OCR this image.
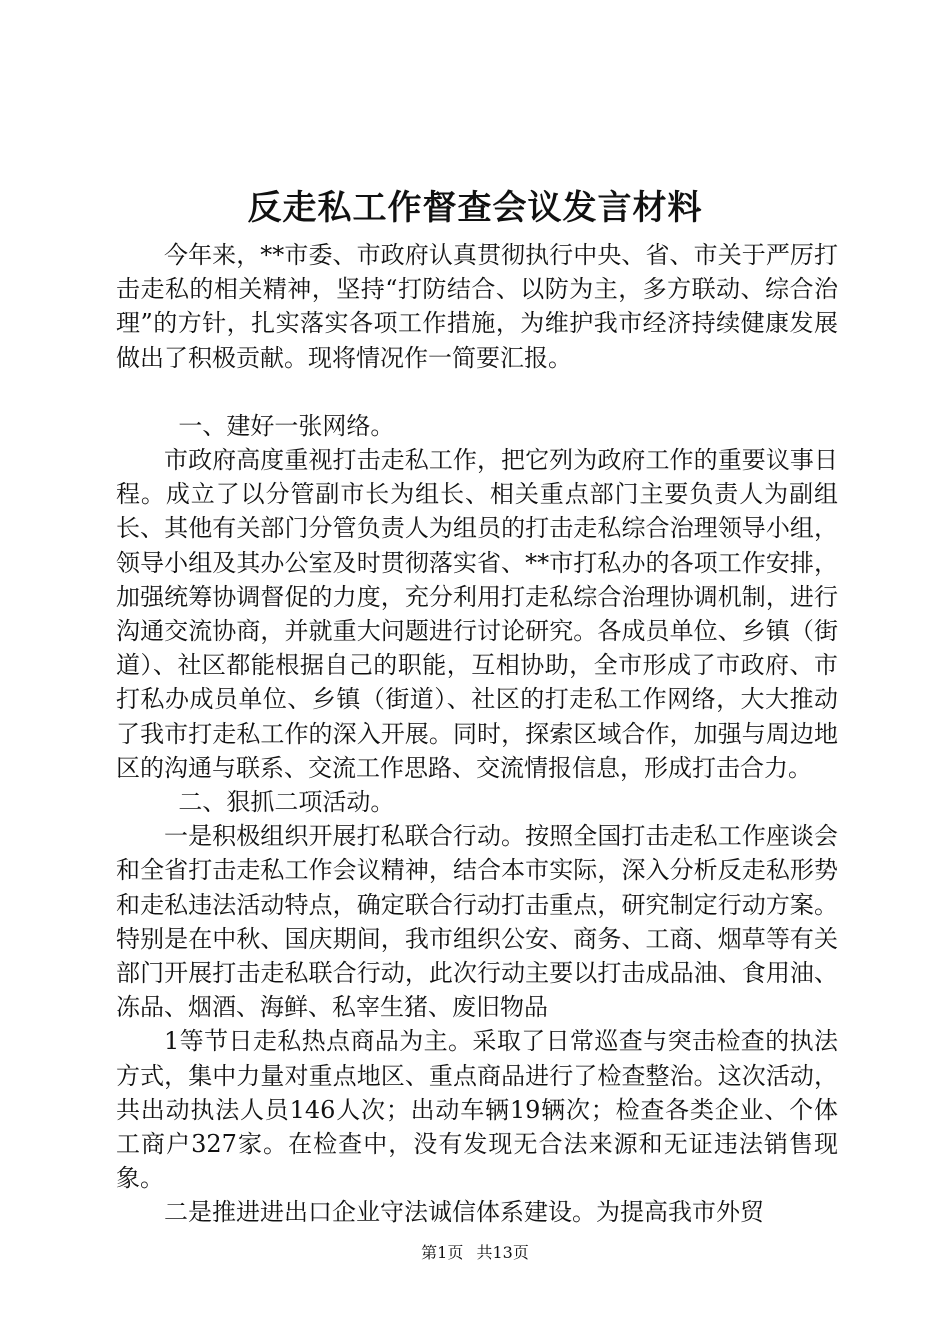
反走私工作督查会议发言材料

今年来，**市委、市政府认真贯彻执行中央、省、市关于严厉打击走私的相关精神，坚持“打防结合、以防为主，多方联动、综合治理”的方针，扎实落实各项工作措施，为维护我市经济持续健康发展做出了积极贡献。现将情况作一简要汇报。

一、建好一张网络。

市政府高度重视打击走私工作，把它列为政府工作的重要议事日程。成立了以分管副市长为组长、相关重点部门主要负责人为副组长、其他有关部门分管负责人为组员的打击走私综合治理领导小组，领导小组及其办公室及时贯彻落实省、**市打私办的各项工作安排，加强统筹协调督促的力度，充分利用打走私综合治理协调机制，进行沟通交流协商，并就重大问题进行讨论研究。各成员单位、乡镇（街道）、社区都能根据自己的职能，互相协助，全市形成了市政府、市打私办成员单位、乡镇（街道）、社区的打走私工作网络，大大推动了我市打走私工作的深入开展。同时，探索区域合作，加强与周边地区的沟通与联系、交流工作思路、交流情报信息，形成打击合力。

二、狠抓二项活动。

一是积极组织开展打私联合行动。按照全国打击走私工作座谈会和全省打击走私工作会议精神，结合本市实际，深入分析反走私形势和走私违法活动特点，确定联合行动打击重点，研究制定行动方案。特别是在中秋、国庆期间，我市组织公安、商务、工商、烟草等有关部门开展打击走私联合行动，此次行动主要以打击成品油、食用油、冻品、烟酒、海鲜、私宰生猪、废旧物品

1等节日走私热点商品为主。采取了日常巡查与突击检查的执法方式，集中力量对重点地区、重点商品进行了检查整治。这次活动，共出动执法人员146人次；出动车辆19辆次；检查各类企业、个体工商户327家。在检查中，没有发现无合法来源和无证违法销售现象。

二是推进进出口企业守法诚信体系建设。为提高我市外贸

第1页 共13页
